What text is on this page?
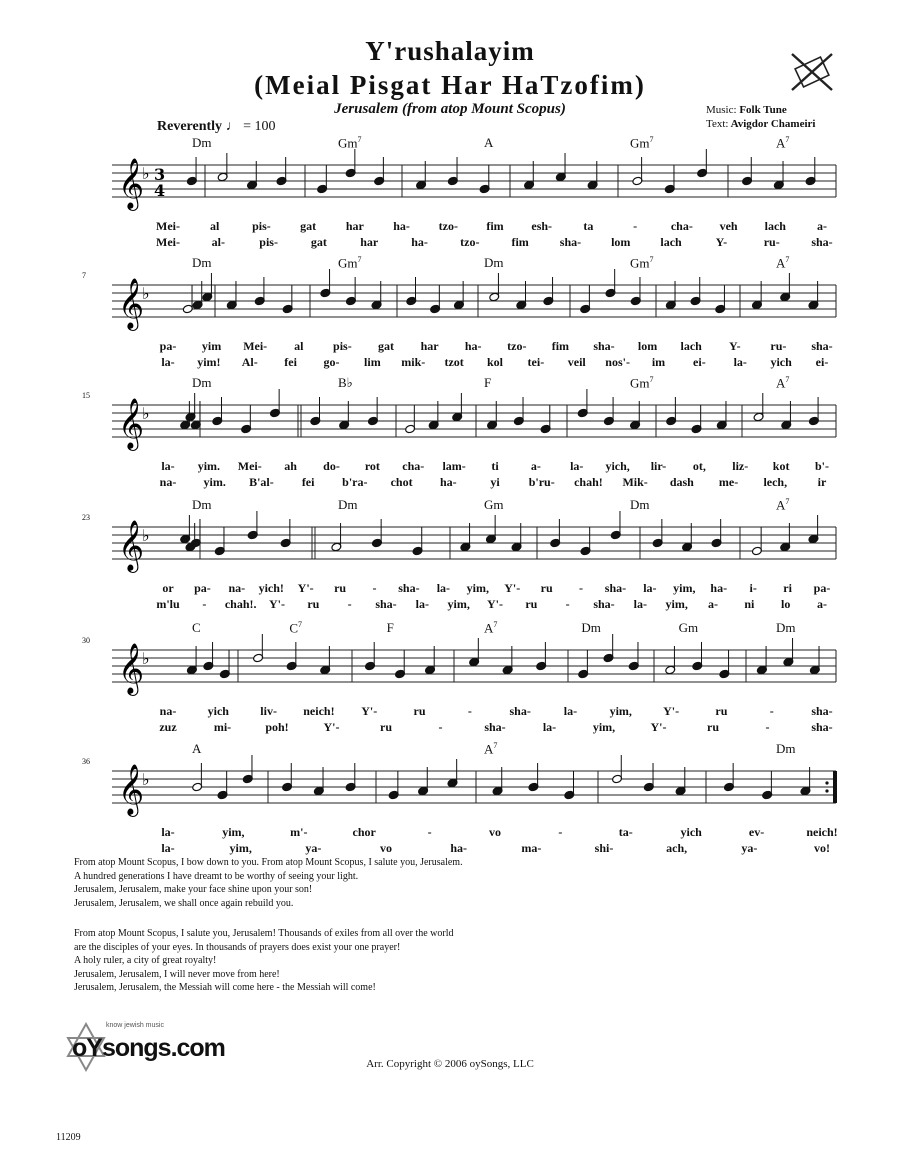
Y'rushalayim
(Meial Pisgat Har HaTzofim)
Jerusalem (from atop Mount Scopus)	Music: Folk Tune
Text: Avigdor Chameiri
Reverently ♩ = 100
𝄞
♭ 3
4
𝄞
♭
𝄞
♭
𝄞
♭
𝄞
♭
𝄞
♭
Dm	Gm$^7$	A	Gm$^7$	$A^7$
Mei-	al	pis- gat har ha- tzo- fim esh-	ta	-	cha- veh lach	a-
Mei-	al-	pis-	gat	har	ha-	tzo-	fim	sha- lom lach	Y-	ru-	sha-
7
Dm	Gm$^7$	Dm	Gm$^7$	$A^7$
pa- yim Mei- al pis- gat har ha- tzo- fim sha- lom lach Y- ru- sha-
la- yim! Al- fei go- lim mik- tzot kol tei- veil nos'- im ei- la- yich ei-
15
Dm	B♭	F	Gm$^7$	$A^7$
la- yim. Mei- ah do- rot cha- lam- ti	a- la- yich, lir- ot, liz- kot b'-
na- yim. B'al- fei b'ra- chot ha-	yi b'ru- chah! Mik- dash me- lech,	ir
23
Dm	Dm	Gm	Dm	$A^7$
or pa- na- yich! Y'- ru - sha- la- yim, Y'- ru - sha- la- yim, ha- i- ri pa-
m'lu - chah!. Y'- ru - sha- la- yim, Y'- ru - sha- la- yim, a- ni lo a-
30
C	$C^7$	F	$A^7$	Dm	Gm	Dm
na-	yich	liv- neich! Y'-	ru	-	sha-	la-	yim,	Y'-	ru	-	sha-
zuz	mi-	poh!	Y'-	ru	-	sha-	la-	yim,	Y'-	ru	-	sha-
36
A	$A^7$	Dm
la-	yim,	m'-	chor	-	vo	-	ta-	yich	ev-	neich!
la-	yim,	ya-	vo	ha-	ma-	shi-	ach,	ya-	vo!
From atop Mount Scopus, I bow down to you. From atop Mount Scopus, I salute you, Jerusalem.
A hundred generations I have dreamt to be worthy of seeing your light.
Jerusalem, Jerusalem, make your face shine upon your son!
Jerusalem, Jerusalem, we shall once again rebuild you.
From atop Mount Scopus, I salute you, Jerusalem! Thousands of exiles from all over the world
are the disciples of your eyes. In thousands of prayers does exist your one prayer!
A holy ruler, a city of great royalty!
Jerusalem, Jerusalem, I will never move from here!
Jerusalem, Jerusalem, the Messiah will come here - the Messiah will come!
know jewish music
oYsongs.com
Arr. Copyright © 2006 oySongs, LLC
11209
